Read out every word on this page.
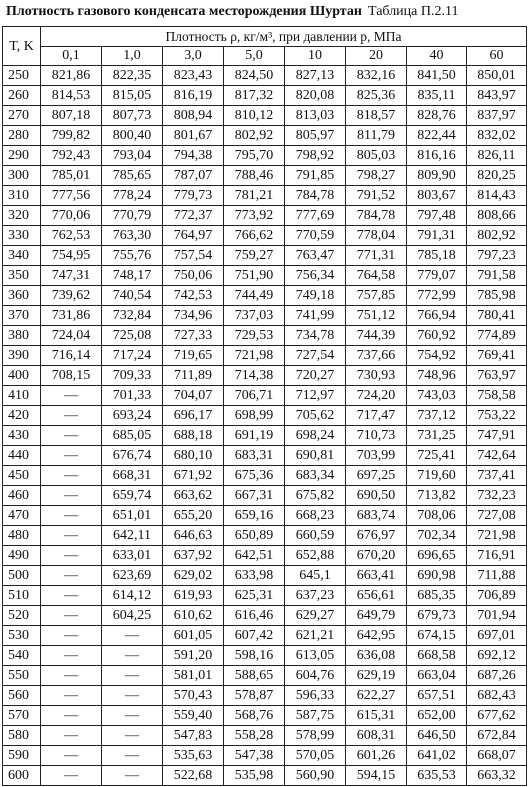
Плотность газового конденсата месторождения Шуртан Таблица П.2.11
T, K	Плотность ρ, кг/м³, при давлении p, МПа							
	0,1	1,0	3,0	5,0	10	20	40	60
250	821,86	822,35	823,43	824,50	827,13	832,16	841,50	850,01
260	814,53	815,05	816,19	817,32	820,08	825,36	835,11	843,97
270	807,18	807,73	808,94	810,12	813,03	818,57	828,76	837,97
280	799,82	800,40	801,67	802,92	805,97	811,79	822,44	832,02
290	792,43	793,04	794,38	795,70	798,92	805,03	816,16	826,11
300	785,01	785,65	787,07	788,46	791,85	798,27	809,90	820,25
310	777,56	778,24	779,73	781,21	784,78	791,52	803,67	814,43
320	770,06	770,79	772,37	773,92	777,69	784,78	797,48	808,66
330	762,53	763,30	764,97	766,62	770,59	778,04	791,31	802,92
340	754,95	755,76	757,54	759,27	763,47	771,31	785,18	797,23
350	747,31	748,17	750,06	751,90	756,34	764,58	779,07	791,58
360	739,62	740,54	742,53	744,49	749,18	757,85	772,99	785,98
370	731,86	732,84	734,96	737,03	741,99	751,12	766,94	780,41
380	724,04	725,08	727,33	729,53	734,78	744,39	760,92	774,89
390	716,14	717,24	719,65	721,98	727,54	737,66	754,92	769,41
400	708,15	709,33	711,89	714,38	720,27	730,93	748,96	763,97
410	—	701,33	704,07	706,71	712,97	724,20	743,03	758,58
420	—	693,24	696,17	698,99	705,62	717,47	737,12	753,22
430	—	685,05	688,18	691,19	698,24	710,73	731,25	747,91
440	—	676,74	680,10	683,31	690,81	703,99	725,41	742,64
450	—	668,31	671,92	675,36	683,34	697,25	719,60	737,41
460	—	659,74	663,62	667,31	675,82	690,50	713,82	732,23
470	—	651,01	655,20	659,16	668,23	683,74	708,06	727,08
480	—	642,11	646,63	650,89	660,59	676,97	702,34	721,98
490	—	633,01	637,92	642,51	652,88	670,20	696,65	716,91
500	—	623,69	629,02	633,98	645,1	663,41	690,98	711,88
510	—	614,12	619,93	625,31	637,23	656,61	685,35	706,89
520	—	604,25	610,62	616,46	629,27	649,79	679,73	701,94
530	—	—	601,05	607,42	621,21	642,95	674,15	697,01
540	—	—	591,20	598,16	613,05	636,08	668,58	692,12
550	—	—	581,01	588,65	604,76	629,19	663,04	687,26
560	—	—	570,43	578,87	596,33	622,27	657,51	682,43
570	—	—	559,40	568,76	587,75	615,31	652,00	677,62
580	—	—	547,83	558,28	578,99	608,31	646,50	672,84
590	—	—	535,63	547,38	570,05	601,26	641,02	668,07
600	—	—	522,68	535,98	560,90	594,15	635,53	663,32
